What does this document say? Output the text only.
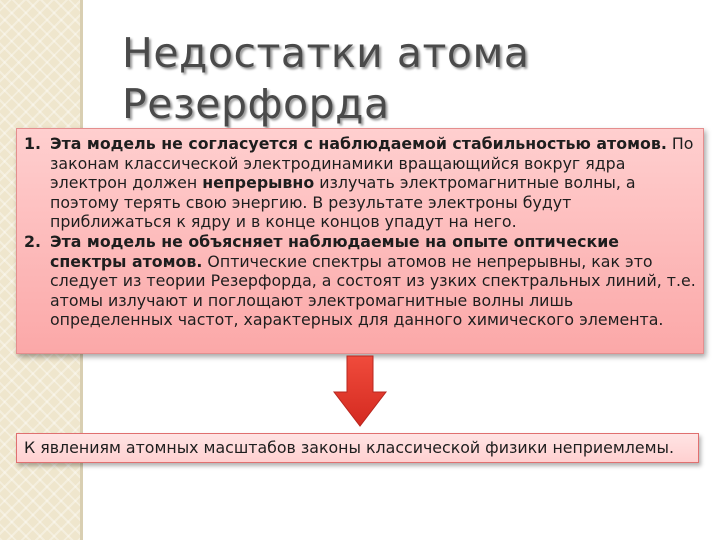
Недостатки атома Резерфорда
1. Эта модель не согласуется с наблюдаемой стабильностью атомов. По законам классической электродинамики вращающийся вокруг ядра электрон должен непрерывно излучать электромагнитные волны, а поэтому терять свою энергию. В результате электроны будут приближаться к ядру и в конце концов упадут на него.
2. Эта модель не объясняет наблюдаемые на опыте оптические спектры атомов. Оптические спектры атомов не непрерывны, как это следует из теории Резерфорда, а состоят из узких спектральных линий, т.е. атомы излучают и поглощают электромагнитные волны лишь определенных частот, характерных для данного химического элемента.

К явлениям атомных масштабов законы классической физики неприемлемы.
